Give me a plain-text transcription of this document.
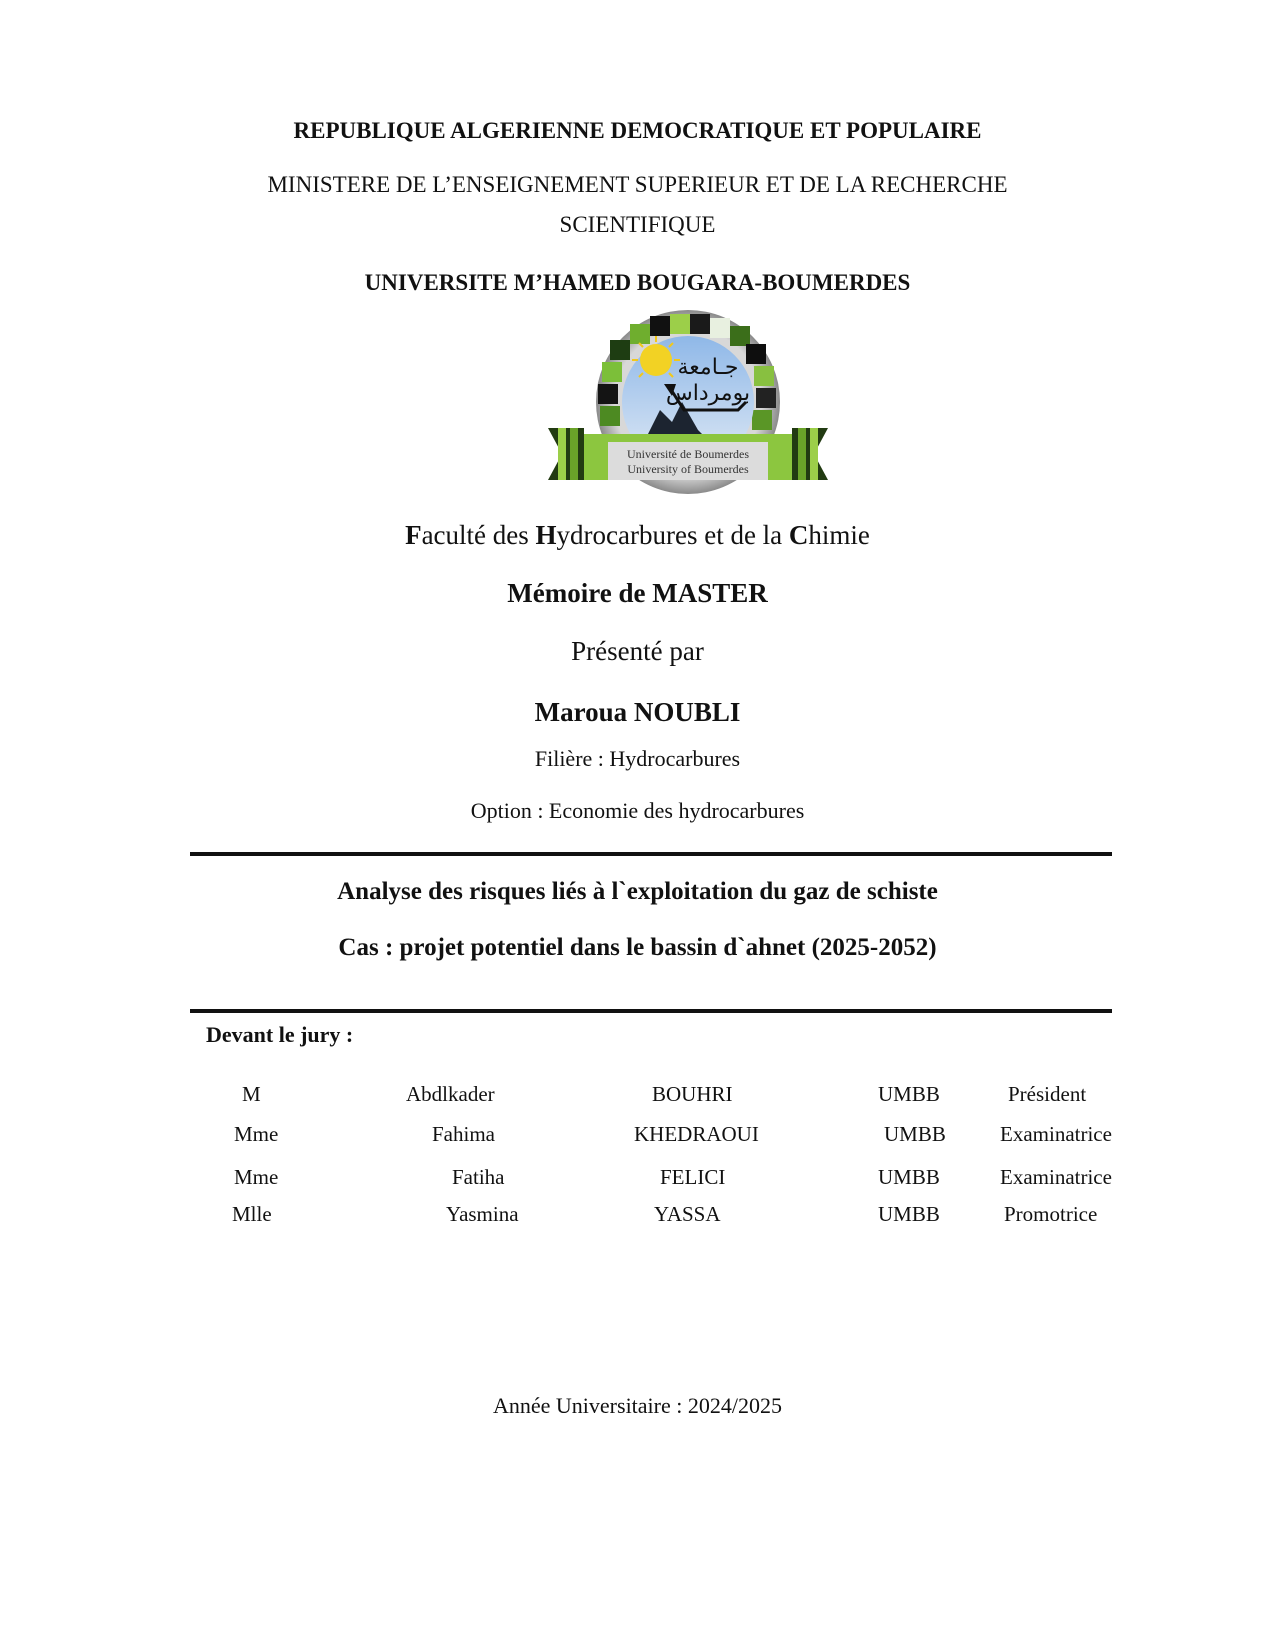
REPUBLIQUE ALGERIENNE DEMOCRATIQUE ET POPULAIRE
MINISTERE DE L’ENSEIGNEMENT SUPERIEUR ET DE LA RECHERCHE
SCIENTIFIQUE
UNIVERSITE M’HAMED BOUGARA-BOUMERDES
جـامعة
بومرداس
Université de Boumerdes
University of Boumerdes
Faculté des Hydrocarbures et de la Chimie
Mémoire de MASTER
Présenté par
Maroua NOUBLI
Filière : Hydrocarbures
Option : Economie des hydrocarbures
Analyse des risques liés à l`exploitation du gaz de schiste
Cas : projet potentiel dans le bassin d`ahnet (2025-2052)
Devant le jury :
M	Abdlkader	BOUHRI	UMBB	Président
Mme	Fahima	KHEDRAOUI	UMBB	Examinatrice
Mme	Fatiha	FELICI	UMBB	Examinatrice
Mlle	Yasmina	YASSA	UMBB	Promotrice
Année Universitaire : 2024/2025
